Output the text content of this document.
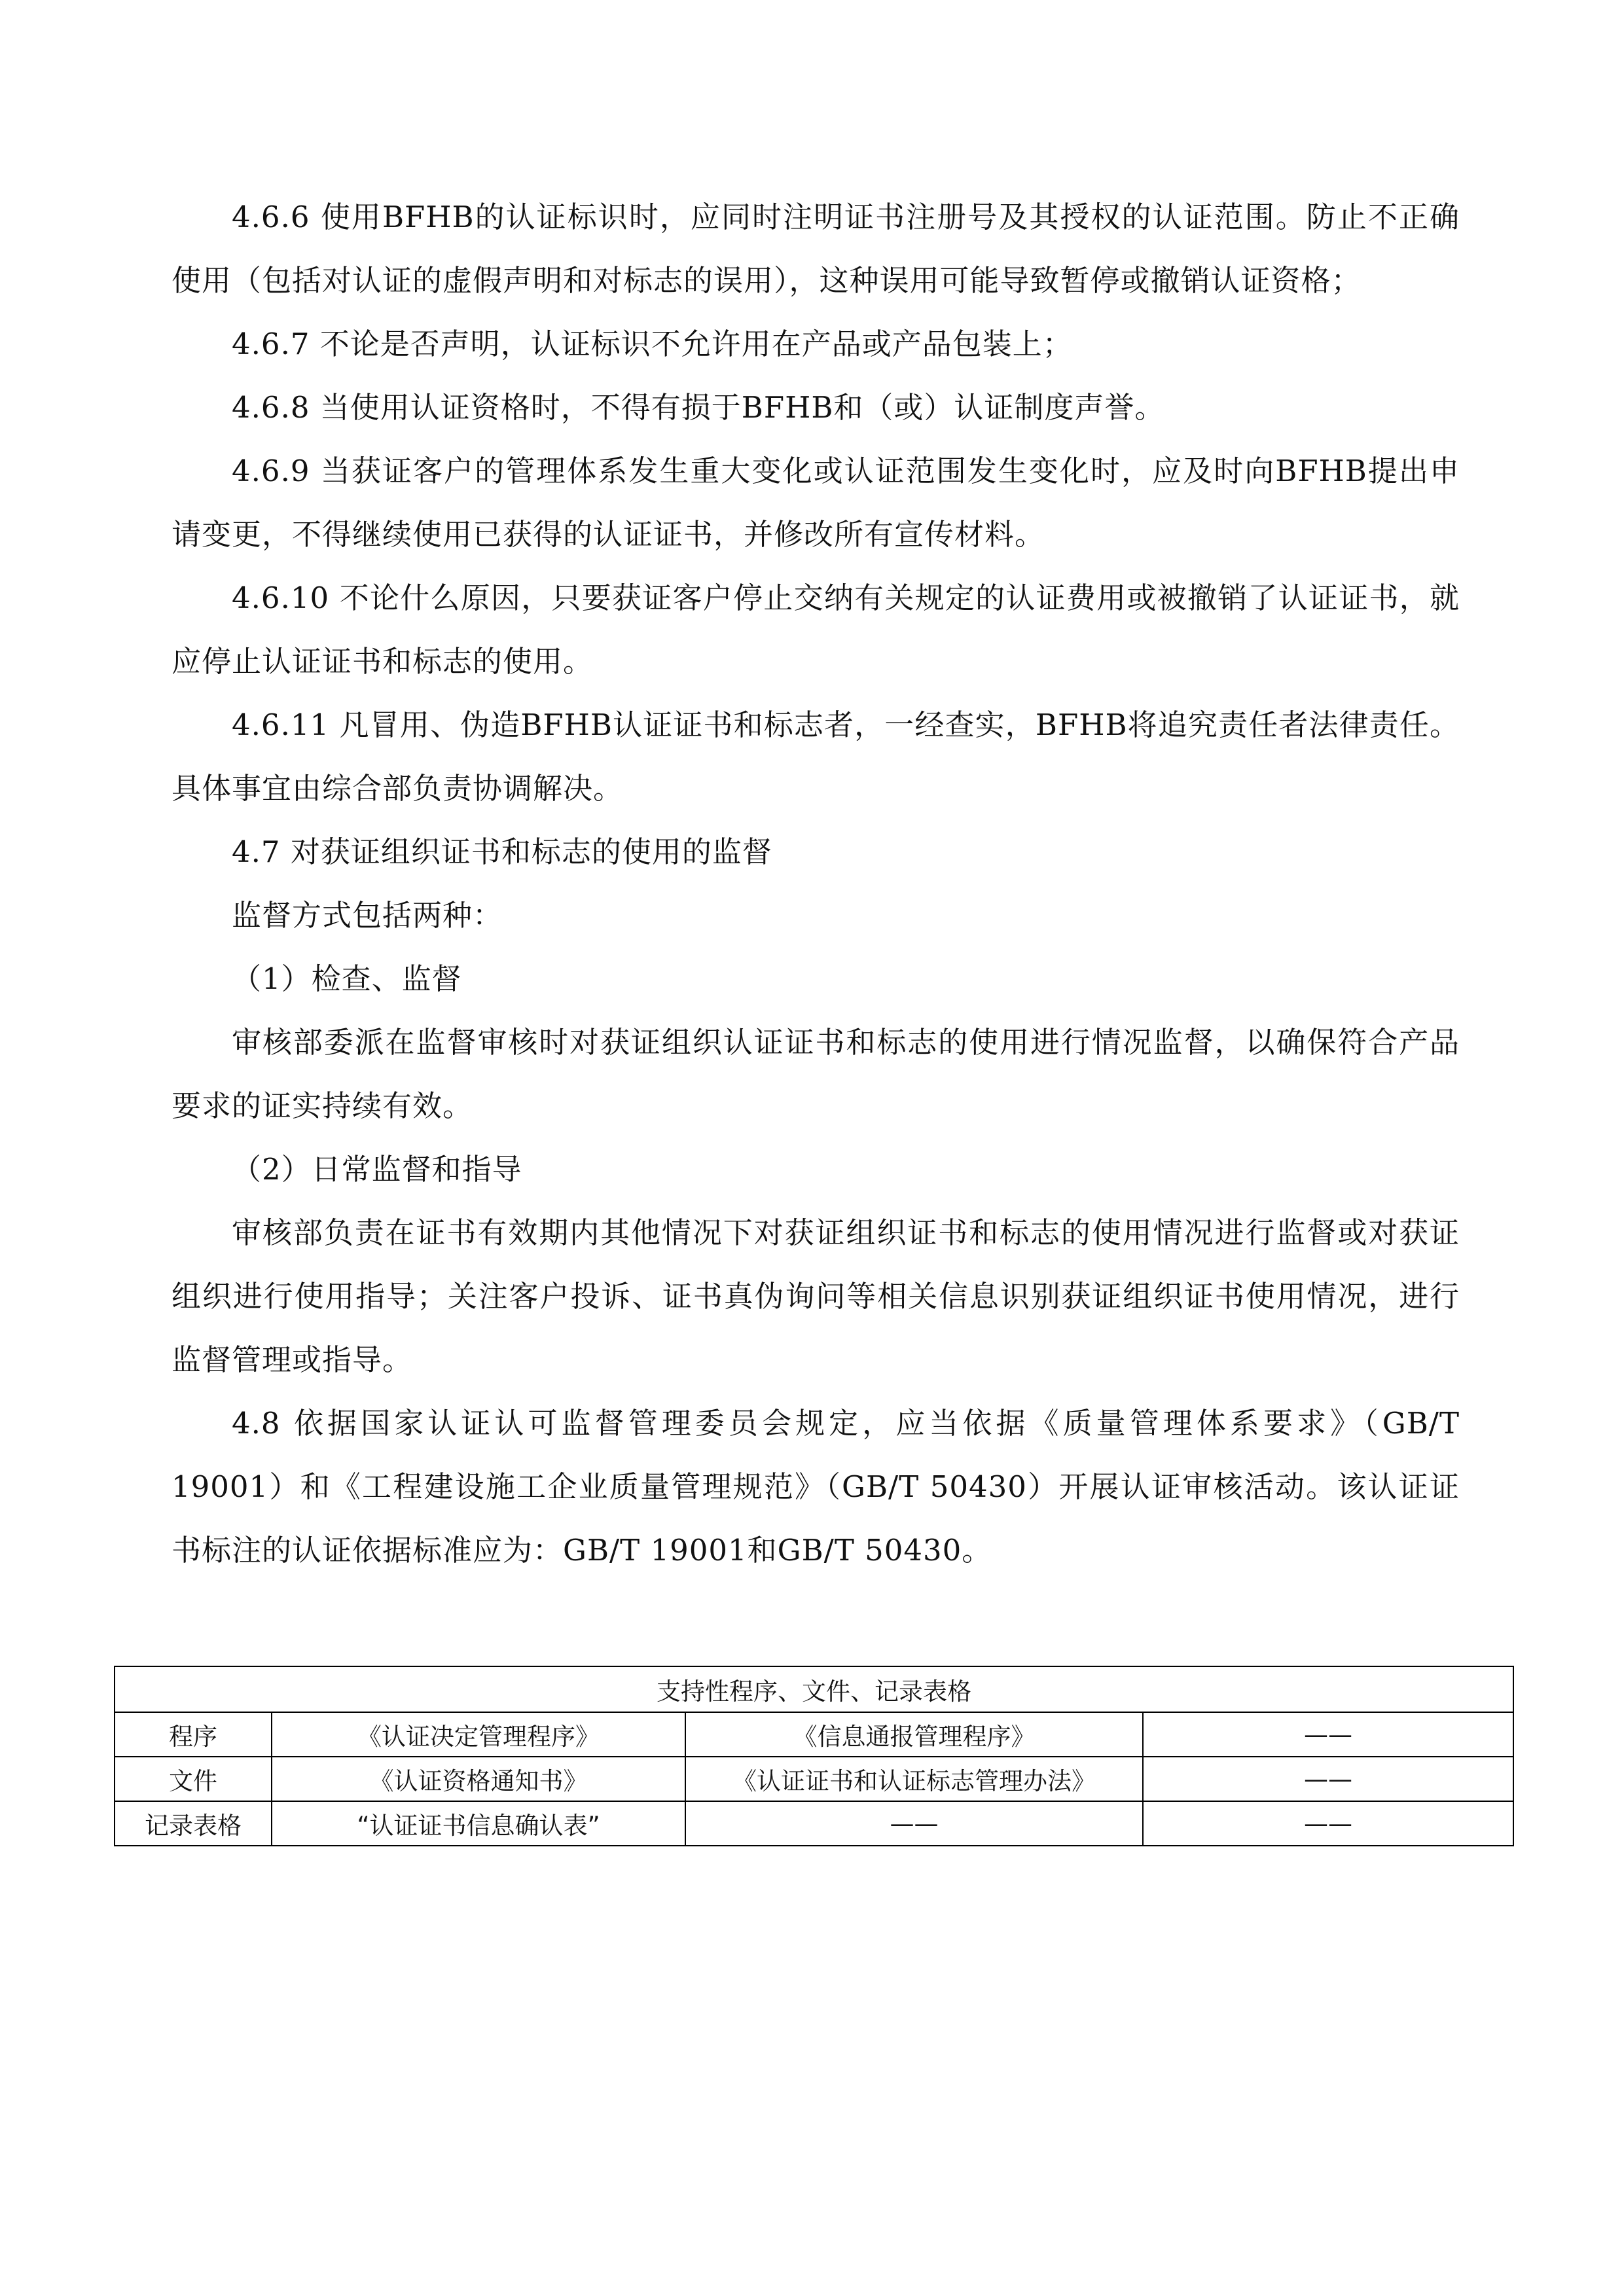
4.6.6 使用BFHB的认证标识时，应同时注明证书注册号及其授权的认证范围。防止不正确使用（包括对认证的虚假声明和对标志的误用），这种误用可能导致暂停或撤销认证资格；

4.6.7 不论是否声明，认证标识不允许用在产品或产品包装上；

4.6.8 当使用认证资格时，不得有损于BFHB和（或）认证制度声誉。

4.6.9 当获证客户的管理体系发生重大变化或认证范围发生变化时，应及时向BFHB提出申请变更，不得继续使用已获得的认证证书，并修改所有宣传材料。

4.6.10 不论什么原因，只要获证客户停止交纳有关规定的认证费用或被撤销了认证证书，就应停止认证证书和标志的使用。

4.6.11 凡冒用、伪造BFHB认证证书和标志者，一经查实，BFHB将追究责任者法律责任。具体事宜由综合部负责协调解决。

4.7 对获证组织证书和标志的使用的监督

监督方式包括两种：

（1）检查、监督

审核部委派在监督审核时对获证组织认证证书和标志的使用进行情况监督，以确保符合产品要求的证实持续有效。

（2）日常监督和指导

审核部负责在证书有效期内其他情况下对获证组织证书和标志的使用情况进行监督或对获证组织进行使用指导；关注客户投诉、证书真伪询问等相关信息识别获证组织证书使用情况，进行监督管理或指导。

4.8 依据国家认证认可监督管理委员会规定，应当依据《质量管理体系要求》（GB/T 19001）和《工程建设施工企业质量管理规范》（GB/T 50430）开展认证审核活动。该认证证书标注的认证依据标准应为：GB/T 19001和GB/T 50430。

支持性程序、文件、记录表格			
程序	《认证决定管理程序》	《信息通报管理程序》	——
文件	《认证资格通知书》	《认证证书和认证标志管理办法》	——
记录表格	“认证证书信息确认表”	——	——
